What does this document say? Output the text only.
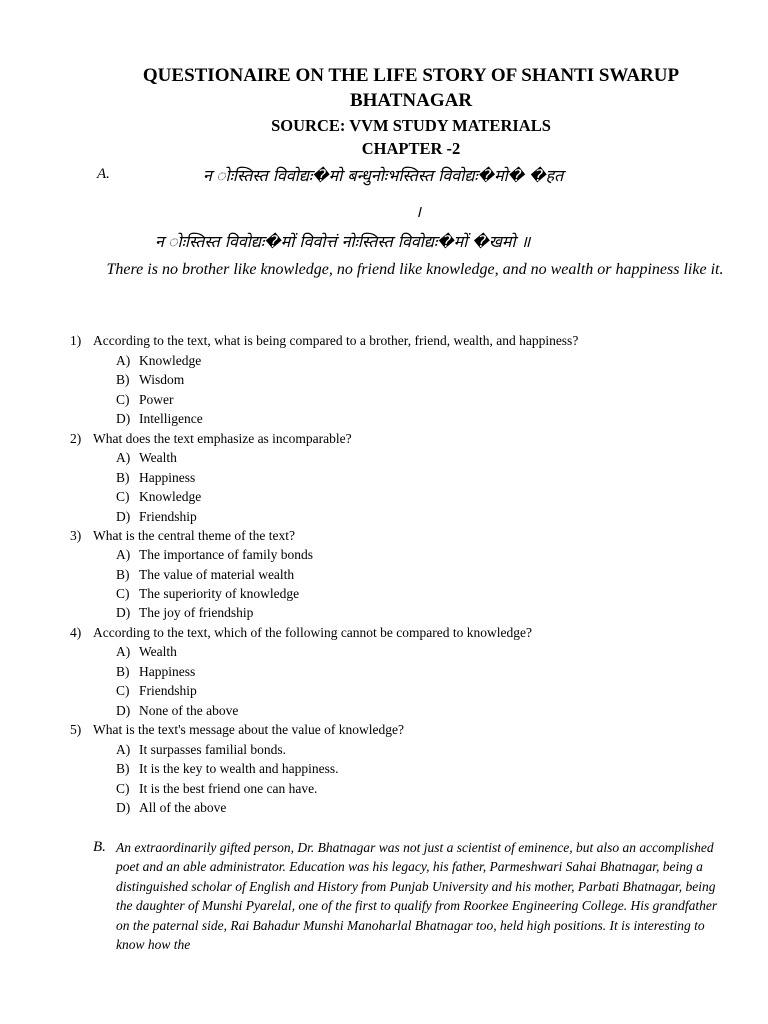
QUESTIONAIRE ON THE LIFE STORY OF SHANTI SWARUP
BHATNAGAR
SOURCE: VVM STUDY MATERIALS
CHAPTER -2
A.	न ोःस्तिस्त विवोद्यः�मो बन्धुनोःभस्तिस्त विवोद्यः�मो� �हत
।
न ोःस्तिस्त विवोद्यः�मों विवोत्तं नोःस्तिस्त विवोद्यः�मों �खमो ॥
There is no brother like knowledge, no friend like knowledge, and no wealth or happiness like it.
1) According to the text, what is being compared to a brother, friend, wealth, and happiness?
A) Knowledge
B) Wisdom
C) Power
D) Intelligence
2) What does the text emphasize as incomparable?
A) Wealth
B) Happiness
C) Knowledge
D) Friendship
3) What is the central theme of the text?
A) The importance of family bonds
B) The value of material wealth
C) The superiority of knowledge
D) The joy of friendship
4) According to the text, which of the following cannot be compared to knowledge?
A) Wealth
B) Happiness
C) Friendship
D) None of the above
5) What is the text's message about the value of knowledge?
A) It surpasses familial bonds.
B) It is the key to wealth and happiness.
C) It is the best friend one can have.
D) All of the above
B. An extraordinarily gifted person, Dr. Bhatnagar was not just a scientist of eminence, but also an accomplished poet and an able administrator. Education was his legacy, his father, Parmeshwari Sahai Bhatnagar, being a distinguished scholar of English and History from Punjab University and his mother, Parbati Bhatnagar, being the daughter of Munshi Pyarelal, one of the first to qualify from Roorkee Engineering College. His grandfather on the paternal side, Rai Bahadur Munshi Manoharlal Bhatnagar too, held high positions. It is interesting to know how the
